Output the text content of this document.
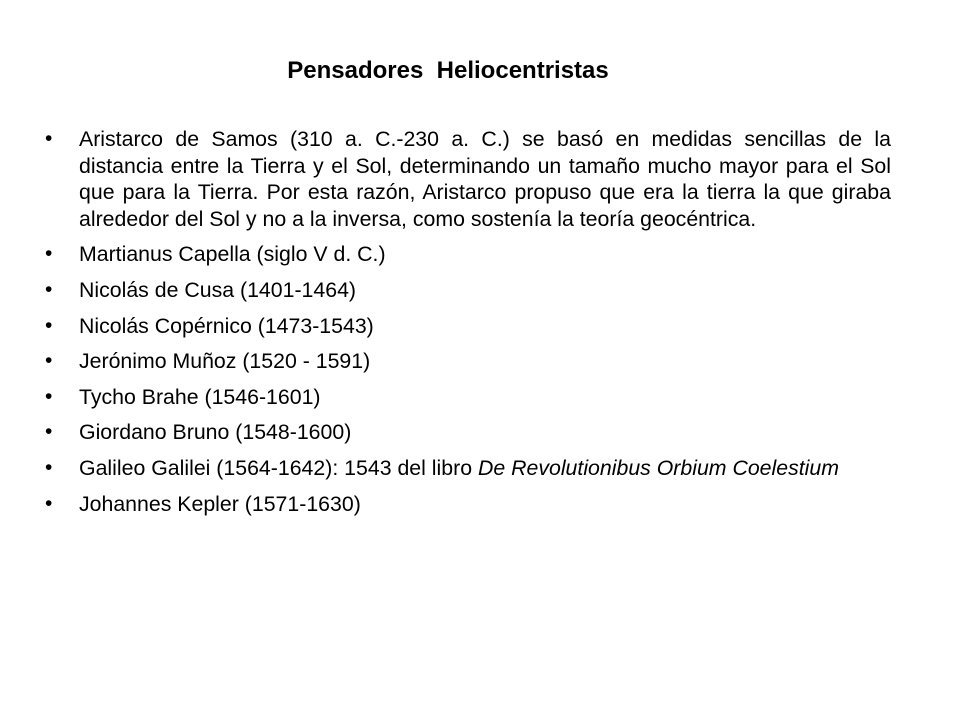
Pensadores  Heliocentristas
•	Aristarco de Samos (310 a. C.-230 a. C.) se basó en medidas sencillas de la distancia entre la Tierra y el Sol, determinando un tamaño mucho mayor para el Sol que para la Tierra. Por esta razón, Aristarco propuso que era la tierra la que giraba alrededor del Sol y no a la inversa, como sostenía la teoría geocéntrica.
•	Martianus Capella (siglo V d. C.)
•	Nicolás de Cusa (1401-1464)
•	Nicolás Copérnico (1473-1543)
•	Jerónimo Muñoz (1520 - 1591)
•	Tycho Brahe (1546-1601)
•	Giordano Bruno (1548-1600)
•	Galileo Galilei (1564-1642): 1543 del libro De Revolutionibus Orbium Coelestium
•	Johannes Kepler (1571-1630)
